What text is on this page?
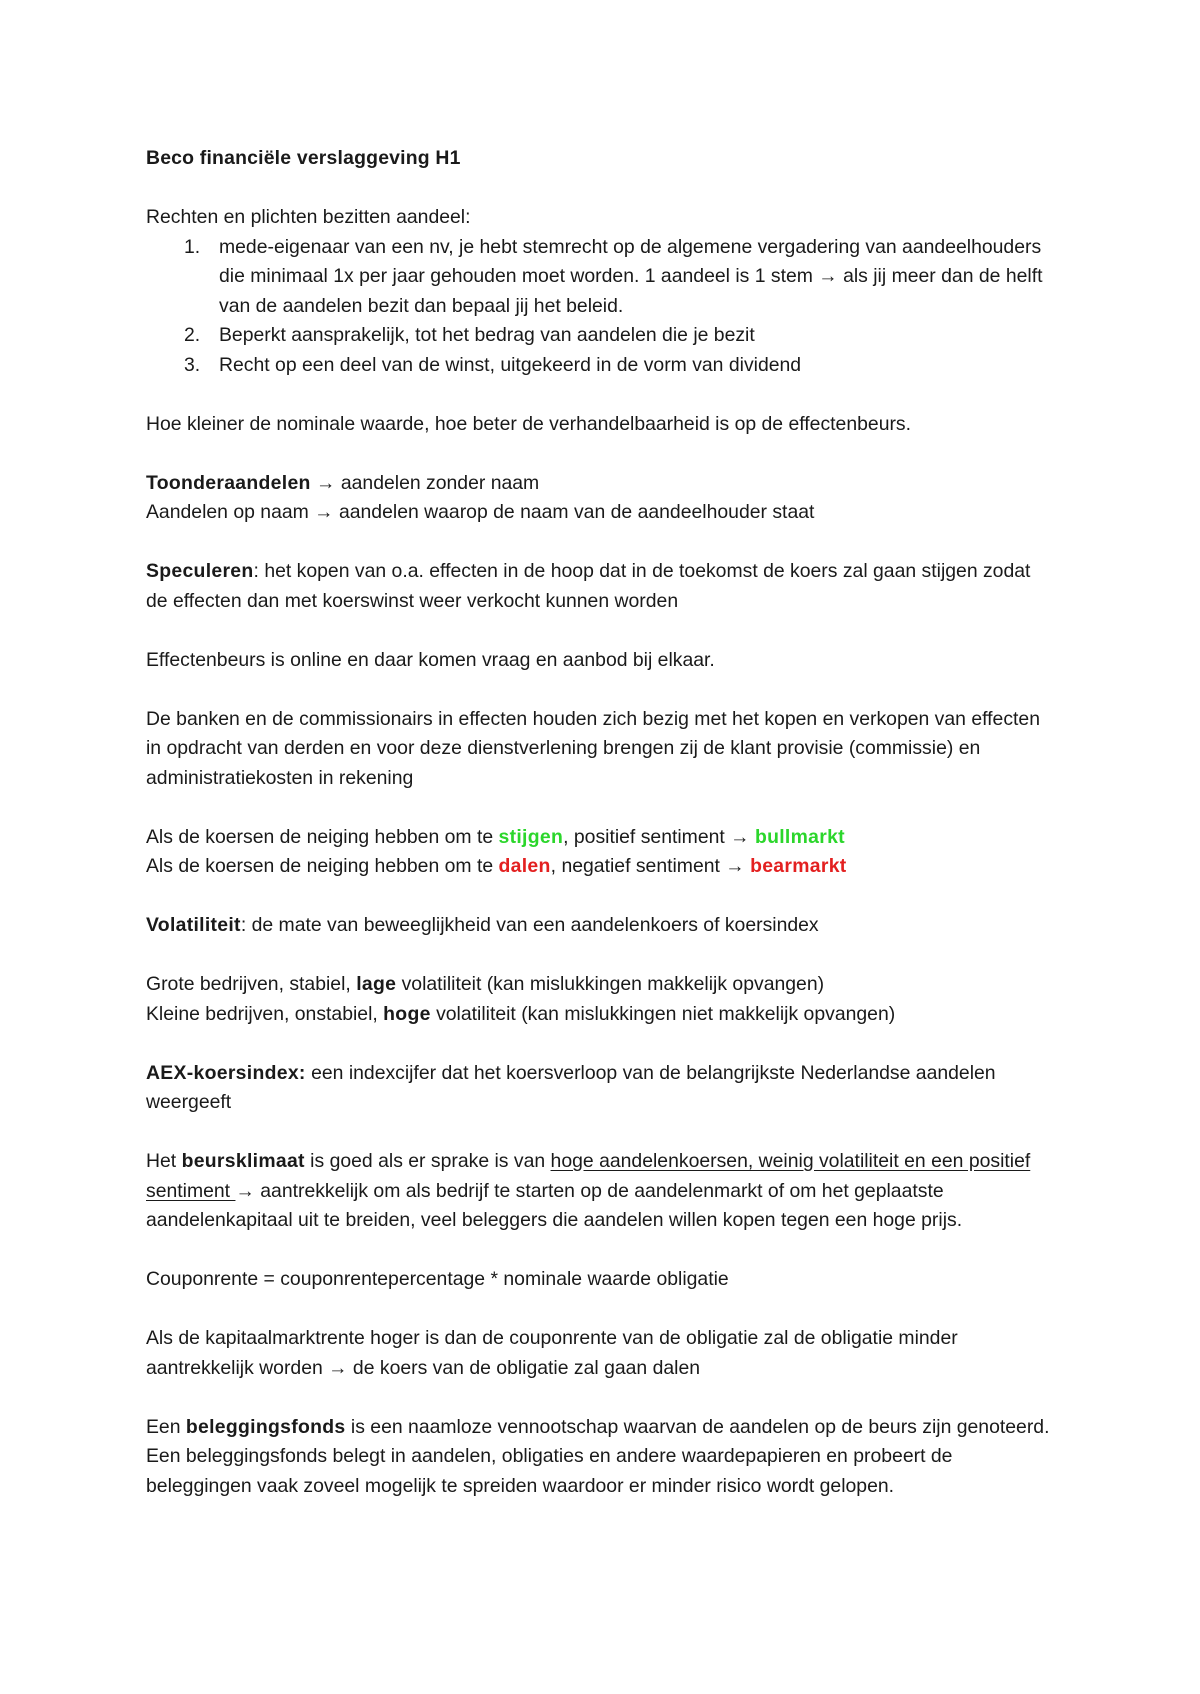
Beco financiële verslaggeving H1

Rechten en plichten bezitten aandeel:

1. mede-eigenaar van een nv, je hebt stemrecht op de algemene vergadering van aandeelhouders die minimaal 1x per jaar gehouden moet worden. 1 aandeel is 1 stem → als jij meer dan de helft van de aandelen bezit dan bepaal jij het beleid.
2. Beperkt aansprakelijk, tot het bedrag van aandelen die je bezit
3. Recht op een deel van de winst, uitgekeerd in de vorm van dividend

Hoe kleiner de nominale waarde, hoe beter de verhandelbaarheid is op de effectenbeurs.

Toonderaandelen → aandelen zonder naam

Aandelen op naam → aandelen waarop de naam van de aandeelhouder staat

Speculeren: het kopen van o.a. effecten in de hoop dat in de toekomst de koers zal gaan stijgen zodat de effecten dan met koerswinst weer verkocht kunnen worden

Effectenbeurs is online en daar komen vraag en aanbod bij elkaar.

De banken en de commissionairs in effecten houden zich bezig met het kopen en verkopen van effecten in opdracht van derden en voor deze dienstverlening brengen zij de klant provisie (commissie) en administratiekosten in rekening

Als de koersen de neiging hebben om te stijgen, positief sentiment → bullmarkt

Als de koersen de neiging hebben om te dalen, negatief sentiment → bearmarkt

Volatiliteit: de mate van beweeglijkheid van een aandelenkoers of koersindex

Grote bedrijven, stabiel, lage volatiliteit (kan mislukkingen makkelijk opvangen)

Kleine bedrijven, onstabiel, hoge volatiliteit (kan mislukkingen niet makkelijk opvangen)

AEX-koersindex: een indexcijfer dat het koersverloop van de belangrijkste Nederlandse aandelen weergeeft

Het beursklimaat is goed als er sprake is van hoge aandelenkoersen, weinig volatiliteit en een positief sentiment → aantrekkelijk om als bedrijf te starten op de aandelenmarkt of om het geplaatste aandelenkapitaal uit te breiden, veel beleggers die aandelen willen kopen tegen een hoge prijs.

Couponrente = couponrentepercentage * nominale waarde obligatie

Als de kapitaalmarktrente hoger is dan de couponrente van de obligatie zal de obligatie minder aantrekkelijk worden → de koers van de obligatie zal gaan dalen

Een beleggingsfonds is een naamloze vennootschap waarvan de aandelen op de beurs zijn genoteerd. Een beleggingsfonds belegt in aandelen, obligaties en andere waardepapieren en probeert de beleggingen vaak zoveel mogelijk te spreiden waardoor er minder risico wordt gelopen.
